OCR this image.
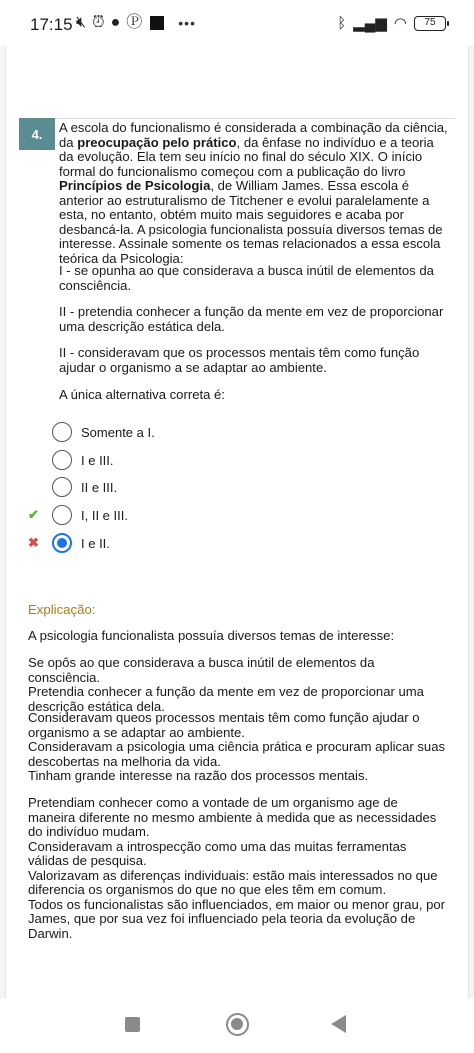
17:15 🔇︎ ⏰︎ ● Ⓟ	•••	ᛒ ▂▄▆ ◠	75
4.	A escola do funcionalismo é considerada a combinação da ciência, da preocupação pelo prático, da ênfase no indivíduo e a teoria da evolução. Ela tem seu início no final do século XIX. O início formal do funcionalismo começou com a publicação do livro Princípios de Psicologia, de William James. Essa escola é anterior ao estruturalismo de Titchener e evolui paralelamente a esta, no entanto, obtém muito mais seguidores e acaba por desbancá-la. A psicologia funcionalista possuía diversos temas de interesse. Assinale somente os temas relacionados a essa escola teórica da Psicologia:
I - se opunha ao que considerava a busca inútil de elementos da consciência.
II - pretendia conhecer a função da mente em vez de proporcionar uma descrição estática dela.
II - consideravam que os processos mentais têm como função ajudar o organismo a se adaptar ao ambiente.
A única alternativa correta é:
Somente a I.
I e III.
II e III.
✔	I, II e III.
✖	I e II.
Explicação:
A psicologia funcionalista possuía diversos temas de interesse:
Se opôs ao que considerava a busca inútil de elementos da consciência.
Pretendia conhecer a função da mente em vez de proporcionar uma descrição estática dela.
Consideravam queos processos mentais têm como função ajudar o organismo a se adaptar ao ambiente.
Consideravam a psicologia uma ciência prática e procuram aplicar suas descobertas na melhoria da vida.
Tinham grande interesse na razão dos processos mentais.
Pretendiam conhecer como a vontade de um organismo age de maneira diferente no mesmo ambiente à medida que as necessidades do indivíduo mudam.
Consideravam a introspecção como uma das muitas ferramentas válidas de pesquisa.
Valorizavam as diferenças individuais: estão mais interessados no que diferencia os organismos do que no que eles têm em comum.
Todos os funcionalistas são influenciados, em maior ou menor grau, por James, que por sua vez foi influenciado pela teoria da evolução de Darwin.
